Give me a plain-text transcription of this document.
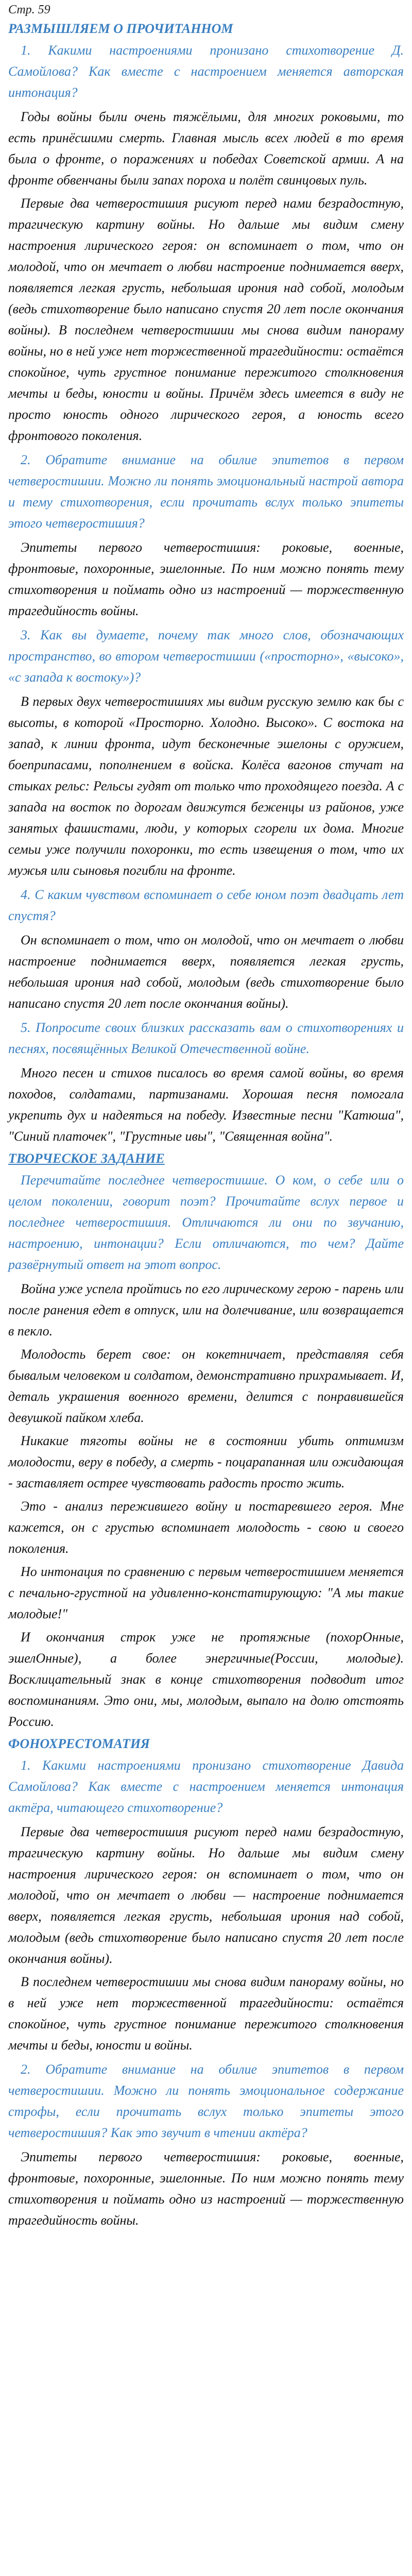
Стр. 59
РАЗМЫШЛЯЕМ О ПРОЧИТАННОМ

1. Какими настроениями пронизано стихотворение Д. Самойлова? Как вместе с настроением меняется авторская интонация?

Годы войны были очень тяжёлыми, для многих роковыми, то есть принёсшими смерть. Главная мысль всех людей в то время была о фронте, о поражениях и победах Советской армии. А на фронте обвенчаны были запах пороха и полёт свинцовых пуль.

Первые два четверостишия рисуют перед нами безрадостную, трагическую картину войны. Но дальше мы видим смену настроения лирического героя: он вспоминает о том, что он молодой, что он мечтает о любви настроение поднимается вверх, появляется легкая грусть, небольшая ирония над собой, молодым (ведь стихотворение было написано спустя 20 лет после окончания войны). В последнем четверостишии мы снова видим панораму войны, но в ней уже нет торжественной трагедийности: остаётся спокойное, чуть грустное понимание пережитого столкновения мечты и беды, юности и войны. Причём здесь имеется в виду не просто юность одного лирического героя, а юность всего фронтового поколения.

2. Обратите внимание на обилие эпитетов в первом четверостишии. Можно ли понять эмоциональный настрой автора и тему стихотворения, если прочитать вслух только эпитеты этого четверостишия?

Эпитеты первого четверостишия: роковые, военные, фронтовые, похоронные, эшелонные. По ним можно понять тему стихотворения и поймать одно из настроений — торжественную трагедийность войны.

3. Как вы думаете, почему так много слов, обозначающих пространство, во втором четверостишии («просторно», «высоко», «с запада к востоку»)?

В первых двух четверостишиях мы видим русскую землю как бы с высоты, в которой «Просторно. Холодно. Высоко». С востока на запад, к линии фронта, идут бесконечные эшелоны с оружием, боеприпасами, пополнением в войска. Колёса вагонов стучат на стыках рельс: Рельсы гудят от только что проходящего поезда. А с запада на восток по дорогам движутся беженцы из районов, уже занятых фашистами, люди, у которых сгорели их дома. Многие семьи уже получили похоронки, то есть извещения о том, что их мужья или сыновья погибли на фронте.

4. С каким чувством вспоминает о себе юном поэт двадцать лет спустя?

Он вспоминает о том, что он молодой, что он мечтает о любви настроение поднимается вверх, появляется легкая грусть, небольшая ирония над собой, молодым (ведь стихотворение было написано спустя 20 лет после окончания войны).

5. Попросите своих близких рассказать вам о стихотворениях и песнях, посвящённых Великой Отечественной войне.

Много песен и стихов писалось во время самой войны, во время походов, солдатами, партизанами. Хорошая песня помогала укрепить дух и надеяться на победу. Известные песни "Катюша", "Синий платочек", "Грустные ивы", "Священная война".

ТВОРЧЕСКОЕ ЗАДАНИЕ

Перечитайте последнее четверостишие. О ком, о себе или о целом поколении, говорит поэт? Прочитайте вслух первое и последнее четверостишия. Отличаются ли они по звучанию, настроению, интонации? Если отличаются, то чем? Дайте развёрнутый ответ на этот вопрос.

Война уже успела пройтись по его лирическому герою - парень или после ранения едет в отпуск, или на долечивание, или возвращается в пекло.

Молодость берет свое: он кокетничает, представляя себя бывалым человеком и солдатом, демонстративно прихрамывает. И, деталь украшения военного времени, делится с понравившейся девушкой пайком хлеба.

Никакие тяготы войны не в состоянии убить оптимизм молодости, веру в победу, а смерть - поцарапанная или ожидающая - заставляет острее чувствовать радость просто жить.

Это - анализ пережившего войну и постаревшего героя. Мне кажется, он с грустью вспоминает молодость - свою и своего поколения.

Но интонация по сравнению с первым четверостишием меняется с печально-грустной на удивленно-констатирующую: "А мы такие молодые!"

И окончания строк уже не протяжные (похорОнные, эшелОнные), а более энергичные(России, молодые). Восклицательный знак в конце стихотворения подводит итог воспоминаниям. Это они, мы, молодым, выпало на долю отстоять Россию.

ФОНОХРЕСТОМАТИЯ

1. Какими настроениями пронизано стихотворение Давида Самойлова? Как вместе с настроением меняется интонация актёра, читающего стихотворение?

Первые два четверостишия рисуют перед нами безрадостную, трагическую картину войны. Но дальше мы видим смену настроения лирического героя: он вспоминает о том, что он молодой, что он мечтает о любви — настроение поднимается вверх, появляется легкая грусть, небольшая ирония над собой, молодым (ведь стихотворение было написано спустя 20 лет после окончания войны).

В последнем четверостишии мы снова видим панораму войны, но в ней уже нет торжественной трагедийности: остаётся спокойное, чуть грустное понимание пережитого столкновения мечты и беды, юности и войны.

2. Обратите внимание на обилие эпитетов в первом четверостишии. Можно ли понять эмоциональное содержание строфы, если прочитать вслух только эпитеты этого четверостишия? Как это звучит в чтении актёра?

Эпитеты первого четверостишия: роковые, военные, фронтовые, похоронные, эшелонные. По ним можно понять тему стихотворения и поймать одно из настроений — торжественную трагедийность войны.
